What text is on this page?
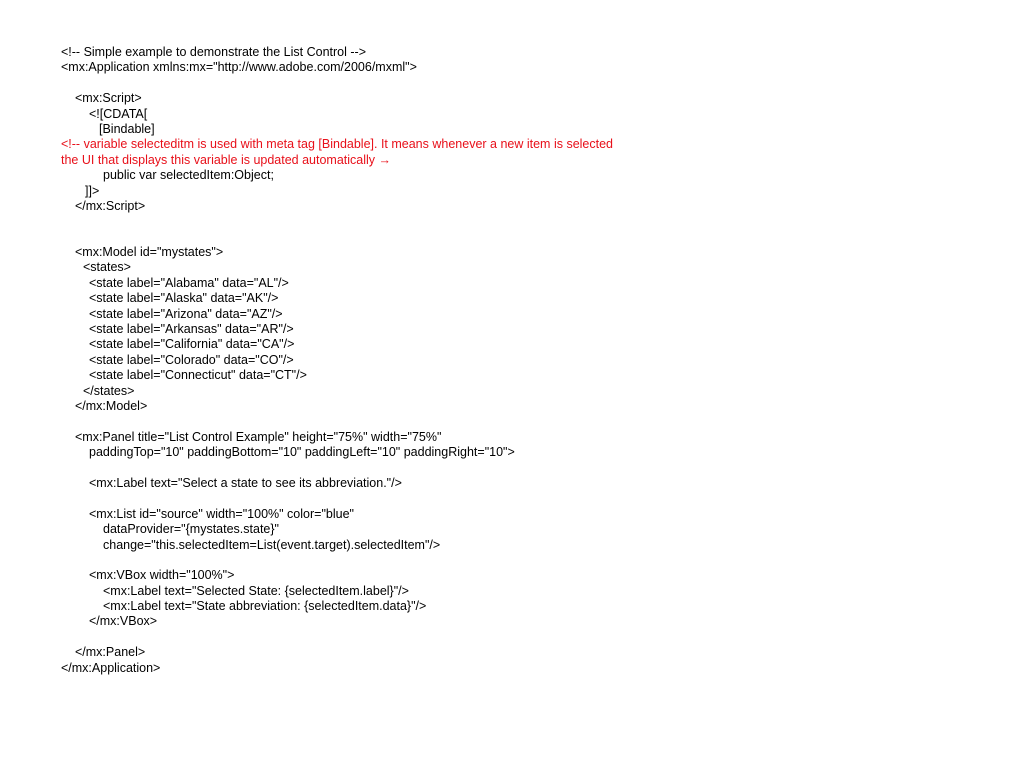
<!-- Simple example to demonstrate the List Control -->
<mx:Application xmlns:mx="http://www.adobe.com/2006/mxml">
<mx:Script>
<![CDATA[
[Bindable]
<!-- variable selecteditm is used with meta tag [Bindable]. It means whenever a new item is selected
the UI that displays this variable is updated automatically →
public var selectedItem:Object;
]]>
</mx:Script>
<mx:Model id="mystates">
<states>
<state label="Alabama" data="AL"/>
<state label="Alaska" data="AK"/>
<state label="Arizona" data="AZ"/>
<state label="Arkansas" data="AR"/>
<state label="California" data="CA"/>
<state label="Colorado" data="CO"/>
<state label="Connecticut" data="CT"/>
</states>
</mx:Model>
<mx:Panel title="List Control Example" height="75%" width="75%"
paddingTop="10" paddingBottom="10" paddingLeft="10" paddingRight="10">
<mx:Label text="Select a state to see its abbreviation."/>
<mx:List id="source" width="100%" color="blue"
dataProvider="{mystates.state}"
change="this.selectedItem=List(event.target).selectedItem"/>
<mx:VBox width="100%">
<mx:Label text="Selected State: {selectedItem.label}"/>
<mx:Label text="State abbreviation: {selectedItem.data}"/>
</mx:VBox>
</mx:Panel>
</mx:Application>
